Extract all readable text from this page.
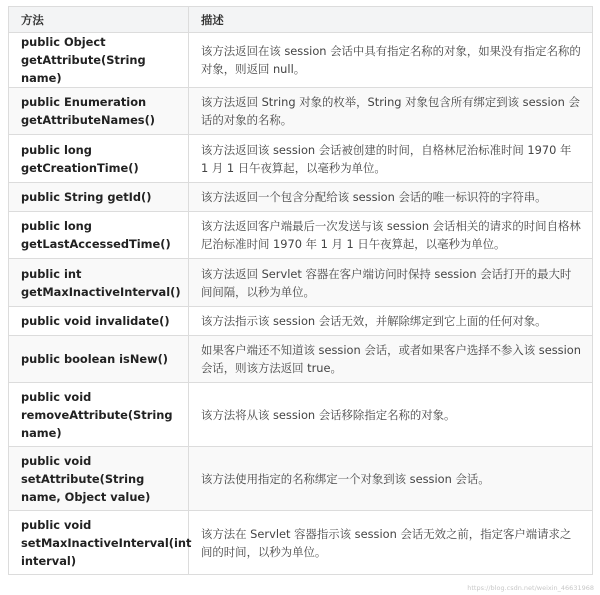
方法	描述
public Object getAttribute(String name)	该方法返回在该 session 会话中具有指定名称的对象，如果没有指定名称的对象，则返回 null。
public Enumeration getAttributeNames()	该方法返回 String 对象的枚举，String 对象包含所有绑定到该 session 会话的对象的名称。
public long getCreationTime()	该方法返回该 session 会话被创建的时间，自格林尼治标准时间 1970 年 1 月 1 日午夜算起，以毫秒为单位。
public String getId()	该方法返回一个包含分配给该 session 会话的唯一标识符的字符串。
public long getLastAccessedTime()	该方法返回客户端最后一次发送与该 session 会话相关的请求的时间自格林尼治标准时间 1970 年 1 月 1 日午夜算起，以毫秒为单位。
public int getMaxInactiveInterval()	该方法返回 Servlet 容器在客户端访问时保持 session 会话打开的最大时间间隔，以秒为单位。
public void invalidate()	该方法指示该 session 会话无效，并解除绑定到它上面的任何对象。
public boolean isNew()	如果客户端还不知道该 session 会话，或者如果客户选择不参入该 session 会话，则该方法返回 true。
public void removeAttribute(String name)	该方法将从该 session 会话移除指定名称的对象。
public void setAttribute(String name, Object value)	该方法使用指定的名称绑定一个对象到该 session 会话。
public void setMaxInactiveInterval(int interval)	该方法在 Servlet 容器指示该 session 会话无效之前，指定客户端请求之间的时间，以秒为单位。
https://blog.csdn.net/weixin_46631968
